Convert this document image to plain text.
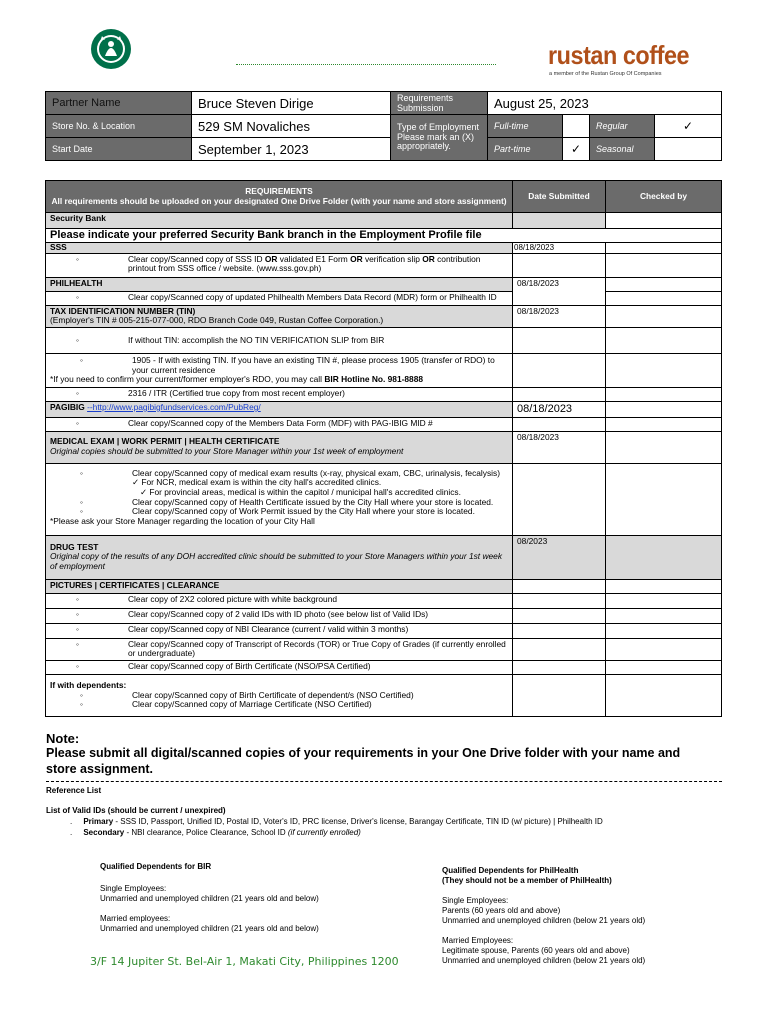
rustan coffee
a member of the Rustan Group Of Companies
Partner Name	Bruce Steven Dirige	Requirements Submission	August 25, 2023			
Store No. & Location	529 SM Novaliches	Type of Employment Please mark an (X) appropriately.	Full-time		Regular	✓
Start Date	September 1, 2023		Part-time	✓	Seasonal	
REQUIREMENTS
All requirements should be uploaded on your designated One Drive Folder (with your name and store assignment)	Date Submitted	Checked by
Security Bank		
Please indicate your preferred Security Bank branch in the Employment Profile file		
SSS	08/18/2023	

◦ Clear copy/Scanned copy of SSS ID OR validated E1 Form OR verification slip OR contribution printout from SSS office / website. (www.sss.gov.ph)

PHILHEALTH	08/18/2023	

◦ Clear copy/Scanned copy of updated Philhealth Members Data Record (MDR) form or Philhealth ID

TAX IDENTIFICATION NUMBER (TIN)
(Employer's TIN # 005-215-077-000, RDO Branch Code 049, Rustan Coffee Corporation.)	08/18/2023	

◦ If without TIN: accomplish the NO TIN VERIFICATION SLIP from BIR

◦ 1905 - If with existing TIN. If you have an existing TIN #, please process 1905 (transfer of RDO) to your current residence
*If you need to confirm your current/former employer's RDO, you may call BIR Hotline No. 981-8888

◦ 2316 / ITR (Certified true copy from most recent employer)

PAGIBIG --http://www.pagibigfundservices.com/PubReg/	08/18/2023	

◦ Clear copy/Scanned copy of the Members Data Form (MDF) with PAG-IBIG MID #

MEDICAL EXAM | WORK PERMIT | HEALTH CERTIFICATE
Original copies should be submitted to your Store Manager within your 1st week of employment	08/18/2023	

◦ Clear copy/Scanned copy of medical exam results (x-ray, physical exam, CBC, urinalysis, fecalysis) ✓ For NCR, medical exam is within the city hall's accredited clinics.
✓ For provincial areas, medical is within the capitol / municipal hall's accredited clinics.
◦ Clear copy/Scanned copy of Health Certificate issued by the City Hall where your store is located.
◦ Clear copy/Scanned copy of Work Permit issued by the City Hall where your store is located.
*Please ask your Store Manager regarding the location of your City Hall

DRUG TEST
Original copy of the results of any DOH accredited clinic should be submitted to your Store Managers within your 1st week of employment	08/2023	
PICTURES | CERTIFICATES | CLEARANCE		

◦ Clear copy of 2X2 colored picture with white background

◦ Clear copy/Scanned copy of 2 valid IDs with ID photo (see below list of Valid IDs)

◦ Clear copy/Scanned copy of NBI Clearance (current / valid within 3 months)

◦ Clear copy/Scanned copy of Transcript of Records (TOR) or True Copy of Grades (if currently enrolled or undergraduate)

◦ Clear copy/Scanned copy of Birth Certificate (NSO/PSA Certified)

If with dependents:
◦ Clear copy/Scanned copy of Birth Certificate of dependent/s (NSO Certified)
◦ Clear copy/Scanned copy of Marriage Certificate (NSO Certified)

Note:
Please submit all digital/scanned copies of your requirements in your One Drive folder with your name and store assignment.
Reference List
List of Valid IDs (should be current / unexpired)
.     Primary - SSS ID, Passport, Unified ID, Postal ID, Voter's ID, PRC license, Driver's license, Barangay Certificate, TIN ID (w/ picture) | Philhealth ID
.     Secondary - NBI clearance, Police Clearance, School ID (if currently enrolled)
Qualified Dependents for BIR
Single Employees:
Unmarried and unemployed children (21 years old and below)
Married employees:
Unmarried and unemployed children (21 years old and below)
Qualified Dependents for PhilHealth
(They should not be a member of PhilHealth)
Single Employees:
Parents (60 years old and above)
Unmarried and unemployed children (below 21 years old)
Married Employees:
Legitimate spouse, Parents (60 years old and above)
Unmarried and unemployed children (below 21 years old)
3/F 14 Jupiter St. Bel-Air 1, Makati City, Philippines 1200
